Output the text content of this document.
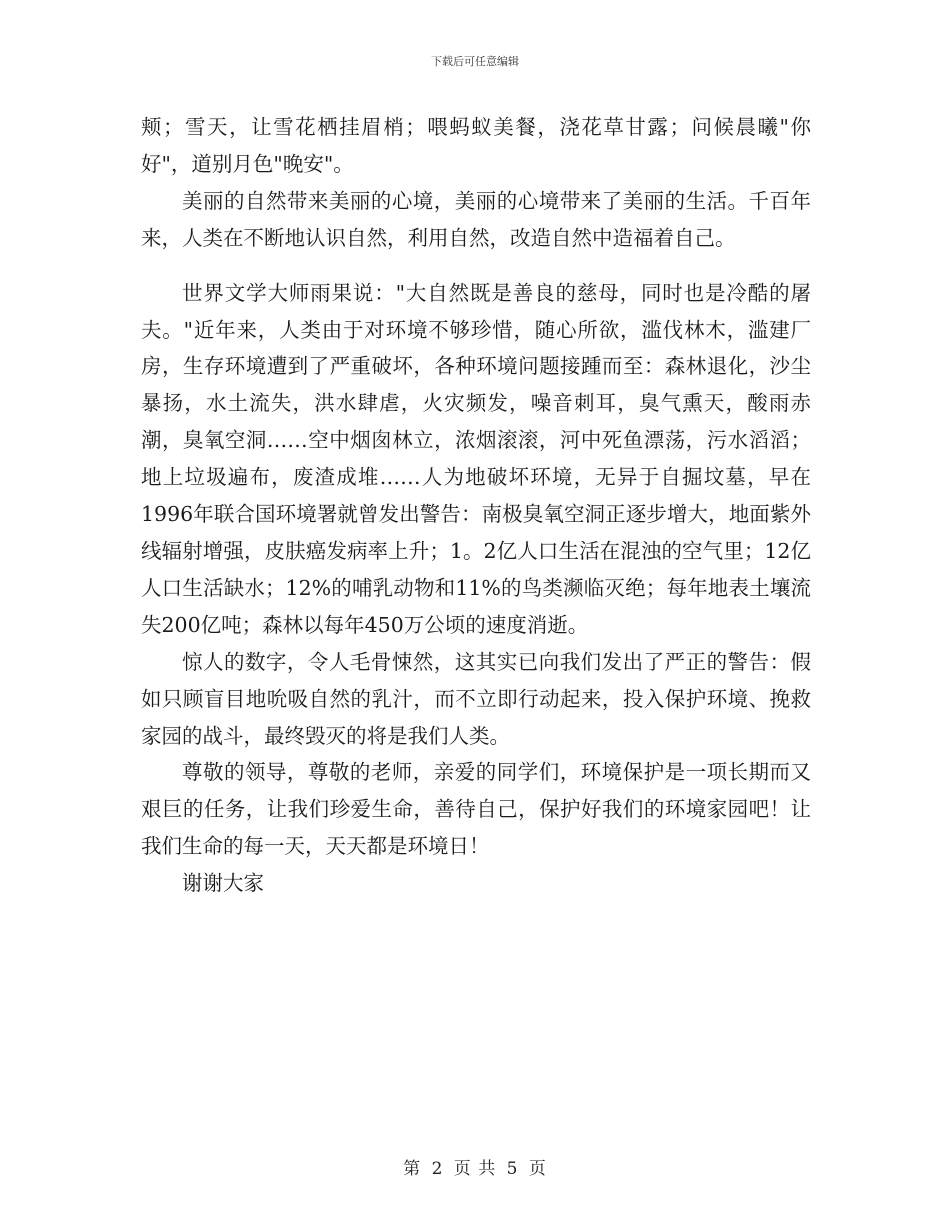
下载后可任意编辑

颊；雪天，让雪花栖挂眉梢；喂蚂蚁美餐，浇花草甘露；问候晨曦"你好"，道别月色"晚安"。

美丽的自然带来美丽的心境，美丽的心境带来了美丽的生活。千百年来，人类在不断地认识自然，利用自然，改造自然中造福着自己。

世界文学大师雨果说："大自然既是善良的慈母，同时也是冷酷的屠夫。"近年来，人类由于对环境不够珍惜，随心所欲，滥伐林木，滥建厂房，生存环境遭到了严重破坏，各种环境问题接踵而至：森林退化，沙尘暴扬，水土流失，洪水肆虐，火灾频发，噪音刺耳，臭气熏天，酸雨赤潮，臭氧空洞……空中烟囱林立，浓烟滚滚，河中死鱼漂荡，污水滔滔；地上垃圾遍布，废渣成堆……人为地破坏环境，无异于自掘坟墓，早在1996年联合国环境署就曾发出警告：南极臭氧空洞正逐步增大，地面紫外线辐射增强，皮肤癌发病率上升；1。2亿人口生活在混浊的空气里；12亿人口生活缺水；12%的哺乳动物和11%的鸟类濒临灭绝；每年地表土壤流失200亿吨；森林以每年450万公顷的速度消逝。

惊人的数字，令人毛骨悚然，这其实已向我们发出了严正的警告：假如只顾盲目地吮吸自然的乳汁，而不立即行动起来，投入保护环境、挽救家园的战斗，最终毁灭的将是我们人类。

尊敬的领导，尊敬的老师，亲爱的同学们，环境保护是一项长期而又艰巨的任务，让我们珍爱生命，善待自己，保护好我们的环境家园吧！让我们生命的每一天，天天都是环境日！

谢谢大家

第 2 页 共 5 页
